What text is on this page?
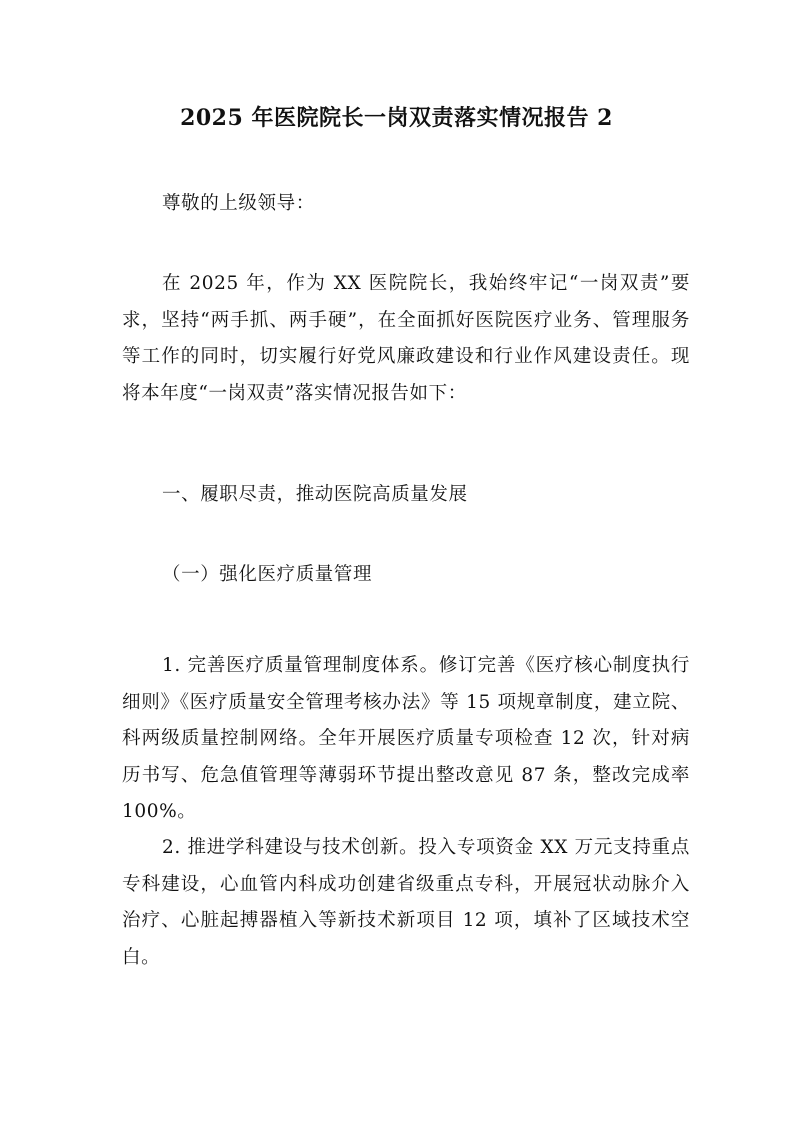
2025 年医院院长一岗双责落实情况报告 2

尊敬的上级领导：

在 2025 年，作为 XX 医院院长，我始终牢记“一岗双责”要求，坚持“两手抓、两手硬”，在全面抓好医院医疗业务、管理服务等工作的同时，切实履行好党风廉政建设和行业作风建设责任。现将本年度“一岗双责”落实情况报告如下：

一、履职尽责，推动医院高质量发展

（一）强化医疗质量管理

1. 完善医疗质量管理制度体系。修订完善《医疗核心制度执行细则》《医疗质量安全管理考核办法》等 15 项规章制度，建立院、科两级质量控制网络。全年开展医疗质量专项检查 12 次，针对病历书写、危急值管理等薄弱环节提出整改意见 87 条，整改完成率 100%。

2. 推进学科建设与技术创新。投入专项资金 XX 万元支持重点专科建设，心血管内科成功创建省级重点专科，开展冠状动脉介入治疗、心脏起搏器植入等新技术新项目 12 项，填补了区域技术空白。
